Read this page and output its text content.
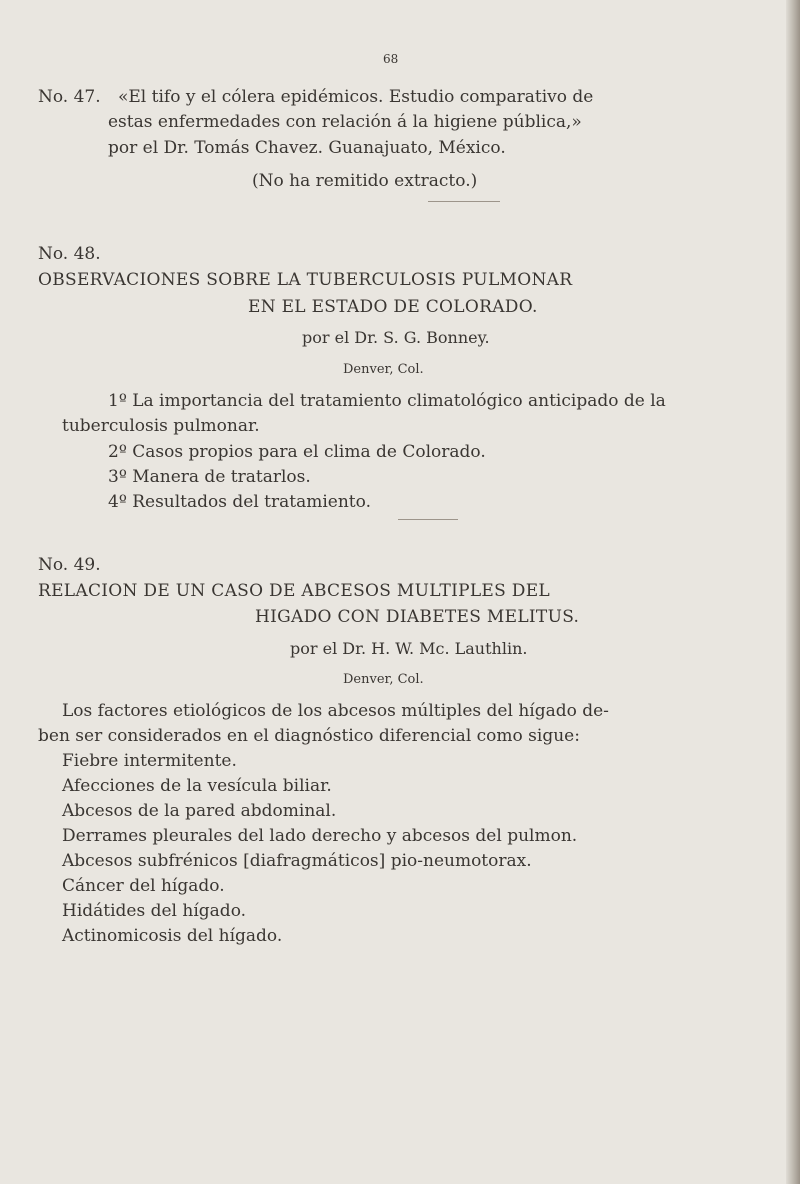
68
No. 47. «El tifo y el cólera epidémicos. Estudio comparativo de
estas enfermedades con relación á la higiene pública,»
por el Dr. Tomás Chavez. Guanajuato, México.
(No ha remitido extracto.)
No. 48.
OBSERVACIONES SOBRE LA TUBERCULOSIS PULMONAR
EN EL ESTADO DE COLORADO.
por el Dr. S. G. Bonney.
Denver, Col.
1º La importancia del tratamiento climatológico anticipado de la
tuberculosis pulmonar.
2º Casos propios para el clima de Colorado.
3º Manera de tratarlos.
4º Resultados del tratamiento.
No. 49.
RELACION DE UN CASO DE ABCESOS MULTIPLES DEL
HIGADO CON DIABETES MELITUS.
por el Dr. H. W. Mc. Lauthlin.
Denver, Col.
Los factores etiológicos de los abcesos múltiples del hígado de-
ben ser considerados en el diagnóstico diferencial como sigue:
Fiebre intermitente.
Afecciones de la vesícula biliar.
Abcesos de la pared abdominal.
Derrames pleurales del lado derecho y abcesos del pulmon.
Abcesos subfrénicos [diafragmáticos] pio-neumotorax.
Cáncer del hígado.
Hidátides del hígado.
Actinomicosis del hígado.
